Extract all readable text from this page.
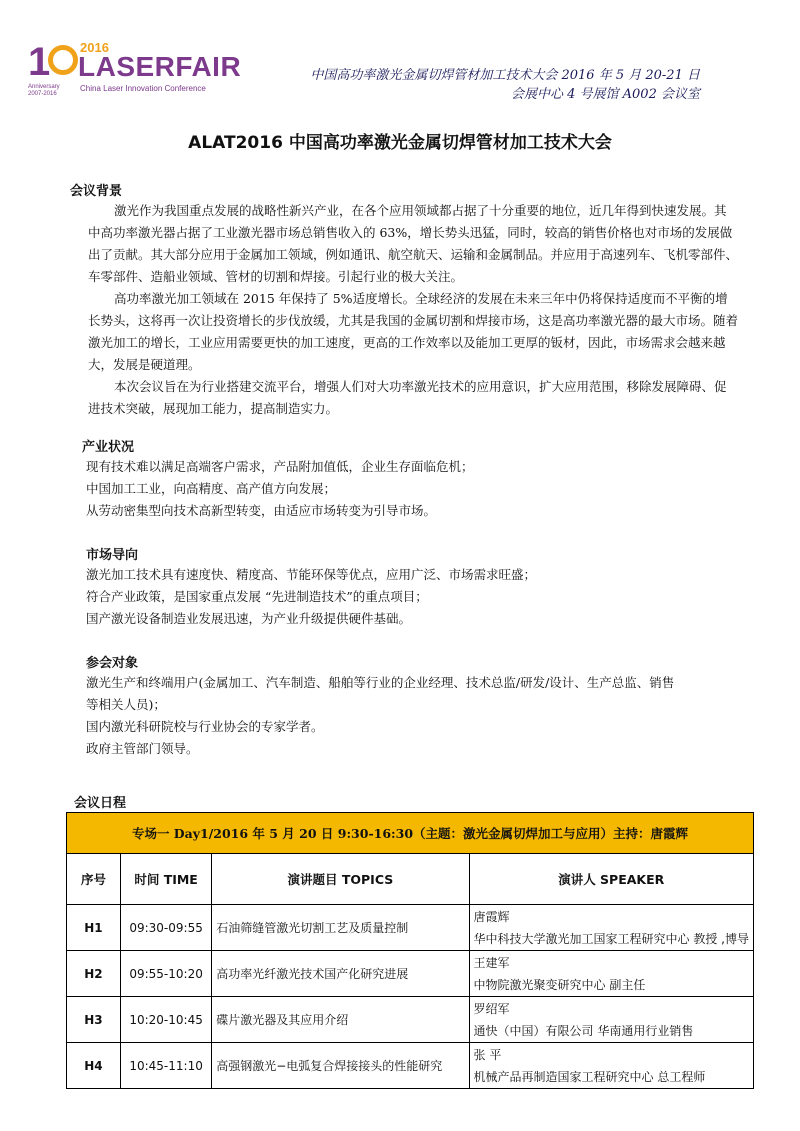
1
Anniversary 2007-2016
2016
LASERFAIR
China Laser Innovation Conference
中国高功率激光金属切焊管材加工技术大会 2016 年 5 月 20-21 日
会展中心 4 号展馆 A002 会议室
ALAT2016 中国高功率激光金属切焊管材加工技术大会
会议背景

激光作为我国重点发展的战略性新兴产业，在各个应用领域都占据了十分重要的地位，近几年得到快速发展。其中高功率激光器占据了工业激光器市场总销售收入的 63%，增长势头迅猛，同时，较高的销售价格也对市场的发展做出了贡献。其大部分应用于金属加工领域，例如通讯、航空航天、运输和金属制品。并应用于高速列车、飞机零部件、车零部件、造船业领域、管材的切割和焊接。引起行业的极大关注。

高功率激光加工领域在 2015 年保持了 5%适度增长。全球经济的发展在未来三年中仍将保持适度而不平衡的增长势头，这将再一次让投资增长的步伐放缓，尤其是我国的金属切割和焊接市场，这是高功率激光器的最大市场。随着激光加工的增长，工业应用需要更快的加工速度，更高的工作效率以及能加工更厚的钣材，因此，市场需求会越来越大，发展是硬道理。

本次会议旨在为行业搭建交流平台，增强人们对大功率激光技术的应用意识，扩大应用范围，移除发展障碍、促进技术突破，展现加工能力，提高制造实力。

产业状况
现有技术难以满足高端客户需求，产品附加值低，企业生存面临危机；
中国加工工业，向高精度、高产值方向发展；
从劳动密集型向技术高新型转变，由适应市场转变为引导市场。
市场导向
激光加工技术具有速度快、精度高、节能环保等优点，应用广泛、市场需求旺盛；
符合产业政策，是国家重点发展 “先进制造技术”的重点项目；
国产激光设备制造业发展迅速，为产业升级提供硬件基础。
参会对象
激光生产和终端用户(金属加工、汽车制造、船舶等行业的企业经理、技术总监/研发/设计、生产总监、销售
等相关人员)；
国内激光科研院校与行业协会的专家学者。
政府主管部门领导。
会议日程
专场一 Day1/2016 年 5 月 20 日 9:30-16:30（主题：激光金属切焊加工与应用）主持：唐霞辉			
序号	时间 TIME	演讲题目 TOPICS	演讲人 SPEAKER
H1	09:30-09:55	石油筛缝管激光切割工艺及质量控制	唐霞辉
华中科技大学激光加工国家工程研究中心 教授 ,博导

H2	09:55-10:20	高功率光纤激光技术国产化研究进展	王建军
中物院激光聚变研究中心 副主任

H3	10:20-10:45	碟片激光器及其应用介绍	罗绍军
通快（中国）有限公司 华南通用行业销售

H4	10:45-11:10	高强钢激光−电弧复合焊接接头的性能研究	张 平
机械产品再制造国家工程研究中心 总工程师
